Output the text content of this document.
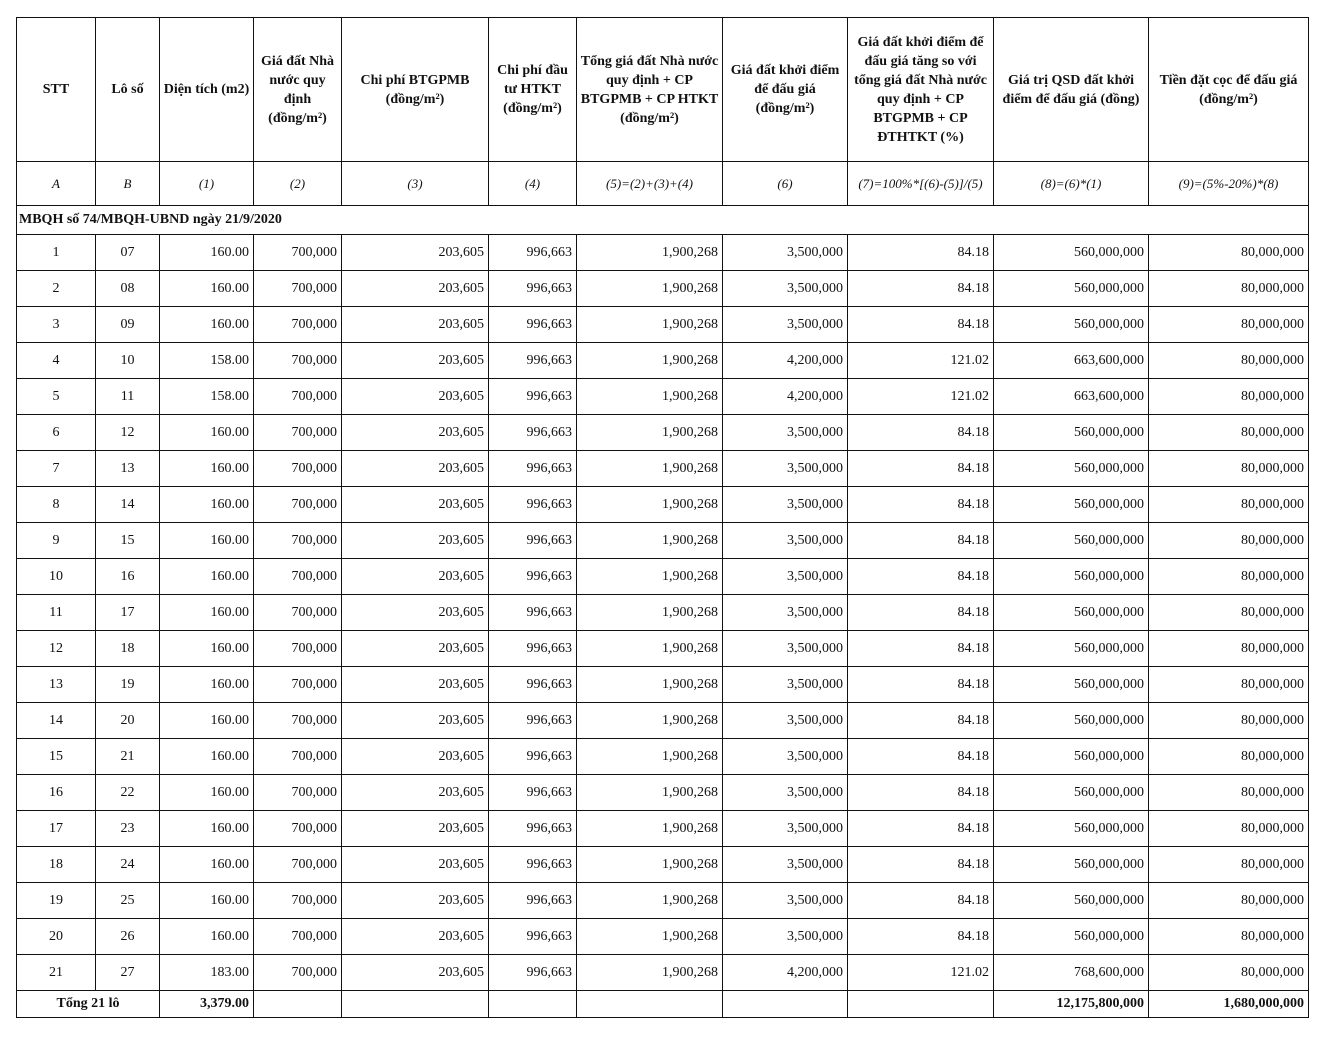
STT	Lô số	Diện tích (m2)	Giá đất Nhà nước quy định (đồng/m²)	Chi phí BTGPMB (đồng/m²)	Chi phí đầu tư HTKT (đồng/m²)	Tổng giá đất Nhà nước quy định + CP BTGPMB + CP HTKT (đồng/m²)	Giá đất khởi điểm để đấu giá (đồng/m²)	Giá đất khởi điểm để đấu giá tăng so với tổng giá đất Nhà nước quy định + CP BTGPMB + CP ĐTHTKT (%)	Giá trị QSD đất khởi điểm để đấu giá (đồng)	Tiền đặt cọc để đấu giá (đồng/m²)
A	B	(1)	(2)	(3)	(4)	(5)=(2)+(3)+(4)	(6)	(7)=100%*[(6)-(5)]/(5)	(8)=(6)*(1)	(9)=(5%-20%)*(8)
MBQH số 74/MBQH-UBND ngày 21/9/2020										
1	07	160.00	700,000	203,605	996,663	1,900,268	3,500,000	84.18	560,000,000	80,000,000
2	08	160.00	700,000	203,605	996,663	1,900,268	3,500,000	84.18	560,000,000	80,000,000
3	09	160.00	700,000	203,605	996,663	1,900,268	3,500,000	84.18	560,000,000	80,000,000
4	10	158.00	700,000	203,605	996,663	1,900,268	4,200,000	121.02	663,600,000	80,000,000
5	11	158.00	700,000	203,605	996,663	1,900,268	4,200,000	121.02	663,600,000	80,000,000
6	12	160.00	700,000	203,605	996,663	1,900,268	3,500,000	84.18	560,000,000	80,000,000
7	13	160.00	700,000	203,605	996,663	1,900,268	3,500,000	84.18	560,000,000	80,000,000
8	14	160.00	700,000	203,605	996,663	1,900,268	3,500,000	84.18	560,000,000	80,000,000
9	15	160.00	700,000	203,605	996,663	1,900,268	3,500,000	84.18	560,000,000	80,000,000
10	16	160.00	700,000	203,605	996,663	1,900,268	3,500,000	84.18	560,000,000	80,000,000
11	17	160.00	700,000	203,605	996,663	1,900,268	3,500,000	84.18	560,000,000	80,000,000
12	18	160.00	700,000	203,605	996,663	1,900,268	3,500,000	84.18	560,000,000	80,000,000
13	19	160.00	700,000	203,605	996,663	1,900,268	3,500,000	84.18	560,000,000	80,000,000
14	20	160.00	700,000	203,605	996,663	1,900,268	3,500,000	84.18	560,000,000	80,000,000
15	21	160.00	700,000	203,605	996,663	1,900,268	3,500,000	84.18	560,000,000	80,000,000
16	22	160.00	700,000	203,605	996,663	1,900,268	3,500,000	84.18	560,000,000	80,000,000
17	23	160.00	700,000	203,605	996,663	1,900,268	3,500,000	84.18	560,000,000	80,000,000
18	24	160.00	700,000	203,605	996,663	1,900,268	3,500,000	84.18	560,000,000	80,000,000
19	25	160.00	700,000	203,605	996,663	1,900,268	3,500,000	84.18	560,000,000	80,000,000
20	26	160.00	700,000	203,605	996,663	1,900,268	3,500,000	84.18	560,000,000	80,000,000
21	27	183.00	700,000	203,605	996,663	1,900,268	4,200,000	121.02	768,600,000	80,000,000
Tổng 21 lô		3,379.00							12,175,800,000	1,680,000,000
